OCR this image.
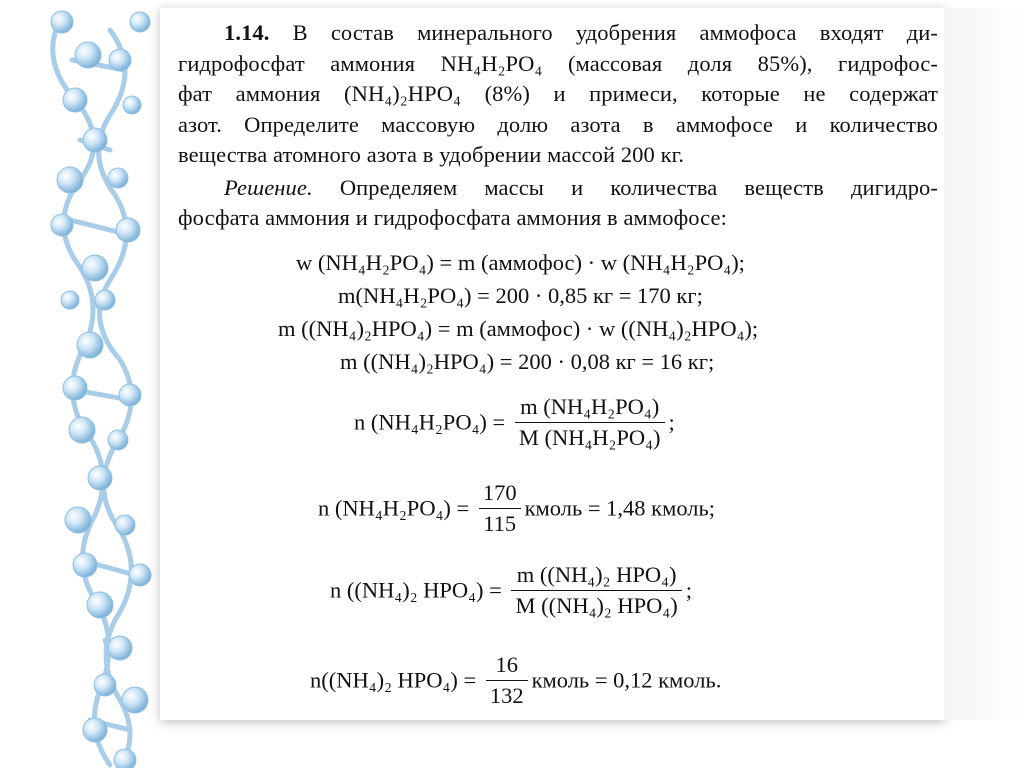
1.14. В состав минерального удобрения аммофоса входят ди-
гидрофосфат аммония NH₄H₂PO₄ (массовая доля 85%), гидрофос-
фат аммония (NH₄)₂HPO₄ (8%) и примеси, которые не содержат
азот. Определите массовую долю азота в аммофосе и количество
вещества атомного азота в удобрении массой 200 кг.

Решение. Определяем массы и количества веществ дигидро-
фосфата аммония и гидрофосфата аммония в аммофосе:

w (NH₄H₂PO₄) = m (аммофос) · w (NH₄H₂PO₄);
m(NH₄H₂PO₄) = 200 · 0,85 кг = 170 кг;
m ((NH₄)₂HPO₄) = m (аммофос) · w ((NH₄)₂HPO₄);
m ((NH₄)₂HPO₄) = 200 · 0,08 кг = 16 кг;
n $(NH_4H_2PO_4) = \frac{\text{m (NH₄H₂PO₄)}}{\text{M (NH₄H₂PO₄)}}$ ;
n $(NH_4H_2PO_4) = \frac{170}{115}$ кмоль = 1,48 кмоль;
n ((NH₄)₂ $HPO_4) = \frac{\text{m ((NH₄)₂ HPO₄)}}{\text{M ((NH₄)₂ HPO₄)}}$ ;
n((NH₄)₂ $HPO_4) = \frac{16}{132}$ кмоль = 0,12 кмоль.
